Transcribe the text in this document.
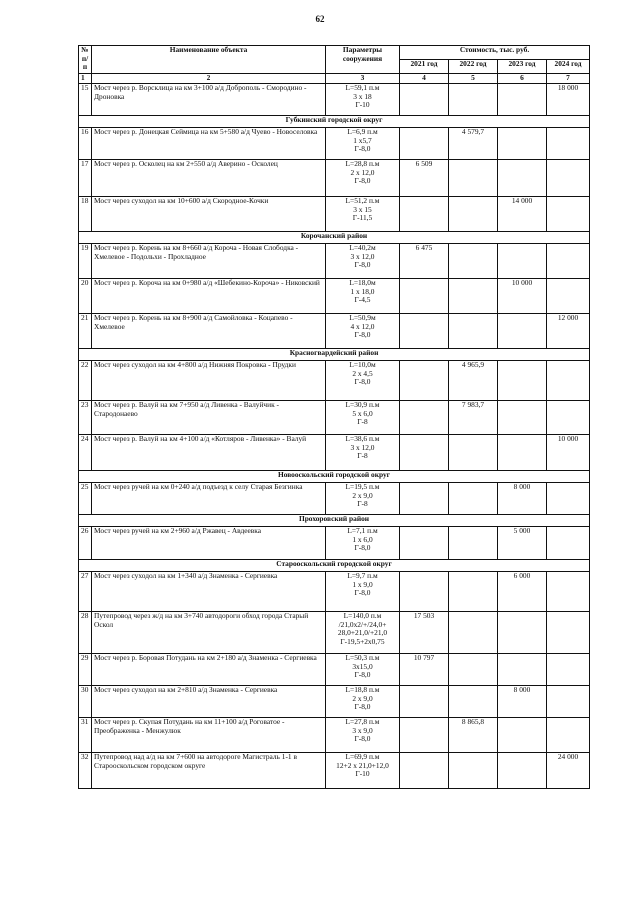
62
№ п/п	Наименование объекта	Параметры сооружения	Стоимость, тыс. руб.			
			2021 год	2022 год	2023 год	2024 год
1	2	3	4	5	6	7
15	Мост через р. Ворсклица на км 3+100 а/д Доброполь - Смородино - Дроновка	L=59,1 п.м
3 x 18
Г-10				18 000
Губкинский городской округ						
16	Мост через р. Донецкая Сеймица на км 5+580 а/д Чуево - Новоселовка	L=6,9 п.м
1 x5,7
Г-8,0		4 579,7		
17	Мост через р. Осколец на км 2+550 а/д Аверино - Осколец	L=28,8 п.м
2 x 12,0
Г-8,0	6 509			
18	Мост через суходол на км 10+600 а/д Скородное-Кочки	L=51,2 п.м
3 x 15
Г-11,5			14 000	
Корочанский район						
19	Мост через р. Корень на км 8+660 а/д Короча - Новая Слободка - Хмелевое - Подольхи - Прохладное	L=40,2м
3 x 12,0
Г-8,0	6 475			
20	Мост через р. Короча на км 0+980 а/д «Шебекино-Короча» - Никовский	L=18,0м
1 x 18,0
Г-4,5			10 000	
21	Мост через р. Корень на км 8+900 а/д Самойловка - Коцапево - Хмелевое	L=50,9м
4 x 12,0
Г-8,0				12 000
Красногвардейский район						
22	Мост через суходол на км 4+800 а/д Нижняя Покровка - Прудки	L=10,0м
2 x 4,5
Г-8,0		4 965,9		
23	Мост через р. Валуй на км 7+950 а/д Ливенка - Валуйчик - Стародонаево	L=30,9 п.м
5 x 6,0
Г-8		7 983,7		
24	Мост через р. Валуй на км 4+100 а/д «Котляров - Ливенка» - Валуй	L=38,6 п.м
3 x 12,0
Г-8				10 000
Новооскольский городской округ						
25	Мост через ручей на км 0+240 а/д подъезд к селу Старая Безгинка	L=19,5 п.м
2 x 9,0
Г-8			8 000	
Прохоровский район						
26	Мост через ручей на км 2+960 а/д Ржавец - Авдеевка	L=7,1 п.м
1 x 6,0
Г-8,0			5 000	
Старооскольский городской округ						
27	Мост через суходол на км 1+340 а/д Знаменка - Сергиевка	L=9,7 п.м
1 x 9,0
Г-8,0			6 000	
28	Путепровод через ж/д на км 3+740 автодороги обход города Старый Оскол	L=140,0 п.м
/21,0х2/+/24,0+
28,0+21,0/+21,0
Г-19,5+2х0,75	17 503			
29	Мост через р. Боровая Потудань на км 2+180 а/д Знаменка - Сергиевка	L=50,3 п.м
3x15,0
Г-8,0	10 797			
30	Мост через суходол на км 2+810 а/д Знаменка - Сергиевка	L=18,8 п.м
2 x 9,0
Г-8,0			8 000	
31	Мост через р. Скупая Потудань на км 11+100 а/д Роговатое - Преображенка - Менжулюк	L=27,8 п.м
3 x 9,0
Г-8,0		8 865,8		
32	Путепровод над а/д на км 7+600 на автодороге Магистраль 1-1 в Старооскольском городском округе	L=69,9 п.м
12+2 х 21,0+12,0
Г-10				24 000
